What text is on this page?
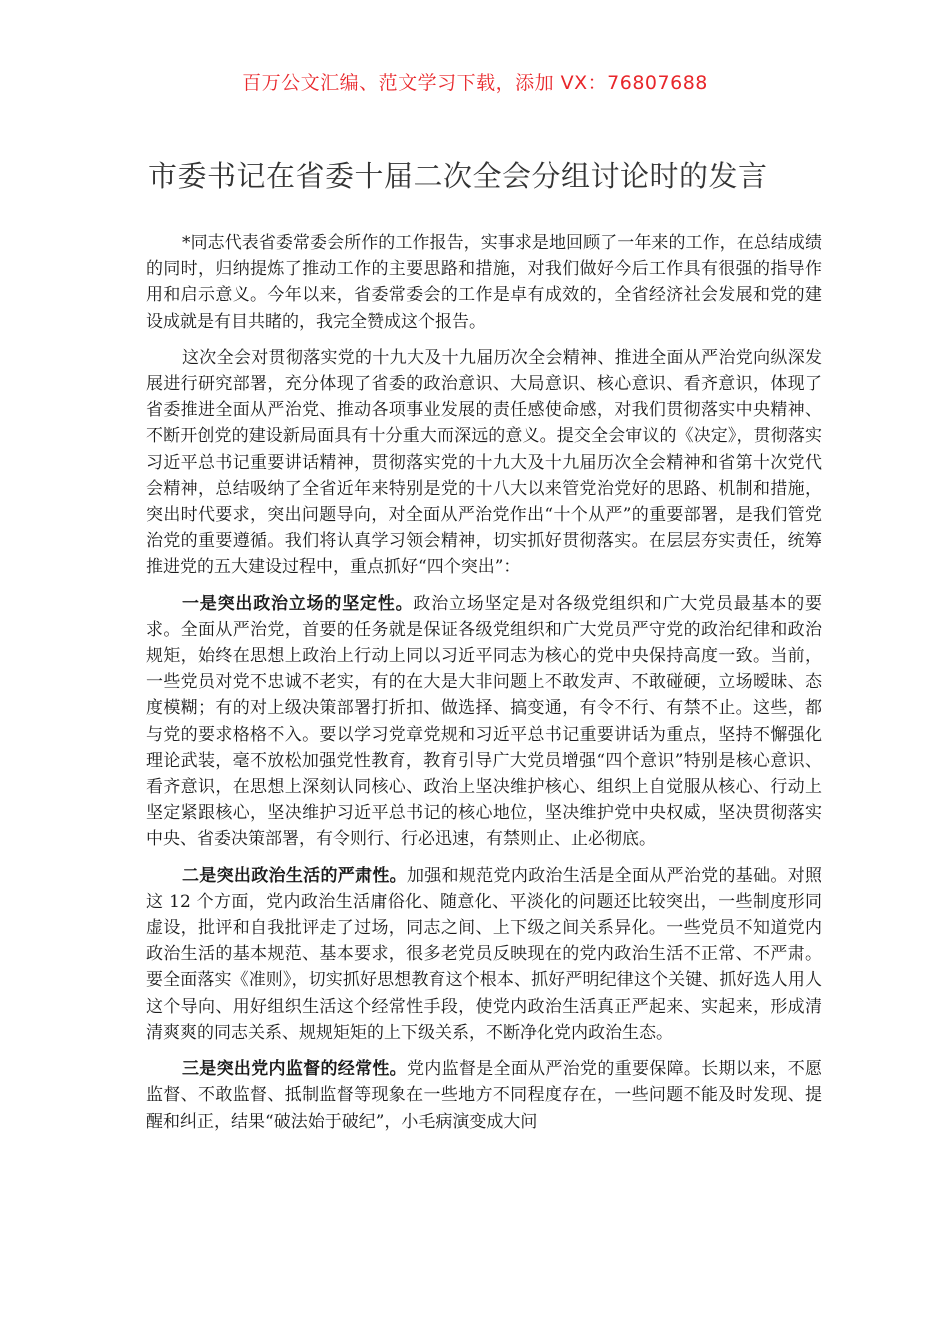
百万公文汇编、范文学习下载，添加 VX：76807688
市委书记在省委十届二次全会分组讨论时的发言

*同志代表省委常委会所作的工作报告，实事求是地回顾了一年来的工作，在总结成绩的同时，归纳提炼了推动工作的主要思路和措施，对我们做好今后工作具有很强的指导作用和启示意义。今年以来，省委常委会的工作是卓有成效的，全省经济社会发展和党的建设成就是有目共睹的，我完全赞成这个报告。

这次全会对贯彻落实党的十九大及十九届历次全会精神、推进全面从严治党向纵深发展进行研究部署，充分体现了省委的政治意识、大局意识、核心意识、看齐意识，体现了省委推进全面从严治党、推动各项事业发展的责任感使命感，对我们贯彻落实中央精神、不断开创党的建设新局面具有十分重大而深远的意义。提交全会审议的《决定》，贯彻落实习近平总书记重要讲话精神，贯彻落实党的十九大及十九届历次全会精神和省第十次党代会精神，总结吸纳了全省近年来特别是党的十八大以来管党治党好的思路、机制和措施，突出时代要求，突出问题导向，对全面从严治党作出“十个从严”的重要部署，是我们管党治党的重要遵循。我们将认真学习领会精神，切实抓好贯彻落实。在层层夯实责任，统筹推进党的五大建设过程中，重点抓好“四个突出”：

一是突出政治立场的坚定性。政治立场坚定是对各级党组织和广大党员最基本的要求。全面从严治党，首要的任务就是保证各级党组织和广大党员严守党的政治纪律和政治规矩，始终在思想上政治上行动上同以习近平同志为核心的党中央保持高度一致。当前，一些党员对党不忠诚不老实，有的在大是大非问题上不敢发声、不敢碰硬，立场暧昧、态度模糊；有的对上级决策部署打折扣、做选择、搞变通，有令不行、有禁不止。这些，都与党的要求格格不入。要以学习党章党规和习近平总书记重要讲话为重点，坚持不懈强化理论武装，毫不放松加强党性教育，教育引导广大党员增强“四个意识”特别是核心意识、看齐意识，在思想上深刻认同核心、政治上坚决维护核心、组织上自觉服从核心、行动上坚定紧跟核心，坚决维护习近平总书记的核心地位，坚决维护党中央权威，坚决贯彻落实中央、省委决策部署，有令则行、行必迅速，有禁则止、止必彻底。

二是突出政治生活的严肃性。加强和规范党内政治生活是全面从严治党的基础。对照这 12 个方面，党内政治生活庸俗化、随意化、平淡化的问题还比较突出，一些制度形同虚设，批评和自我批评走了过场，同志之间、上下级之间关系异化。一些党员不知道党内政治生活的基本规范、基本要求，很多老党员反映现在的党内政治生活不正常、不严肃。要全面落实《准则》，切实抓好思想教育这个根本、抓好严明纪律这个关键、抓好选人用人这个导向、用好组织生活这个经常性手段，使党内政治生活真正严起来、实起来，形成清清爽爽的同志关系、规规矩矩的上下级关系，不断净化党内政治生态。

三是突出党内监督的经常性。党内监督是全面从严治党的重要保障。长期以来，不愿监督、不敢监督、抵制监督等现象在一些地方不同程度存在，一些问题不能及时发现、提醒和纠正，结果“破法始于破纪”，小毛病演变成大问
